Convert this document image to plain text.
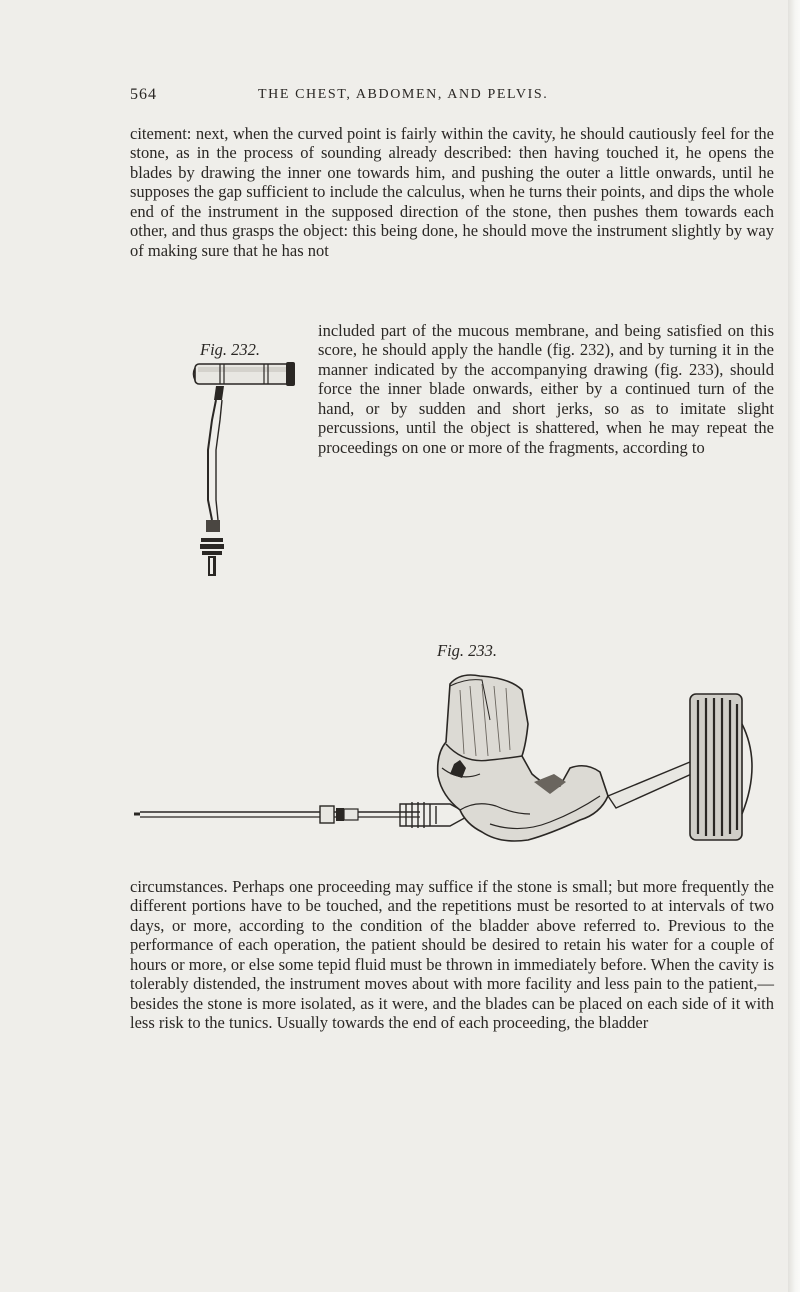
564	THE CHEST, ABDOMEN, AND PELVIS.

citement: next, when the curved point is fairly within the cavity, he should cautiously feel for the stone, as in the process of sounding already described: then having touched it, he opens the blades by drawing the inner one towards him, and pushing the outer a little onwards, until he supposes the gap sufficient to include the calculus, when he turns their points, and dips the whole end of the instrument in the supposed direction of the stone, then pushes them towards each other, and thus grasps the object: this being done, he should move the instrument slightly by way of making sure that he has not

Fig. 232.

included part of the mucous membrane, and being satisfied on this score, he should apply the handle (fig. 232), and by turning it in the manner indicated by the accompanying drawing (fig. 233), should force the inner blade onwards, either by a continued turn of the hand, or by sudden and short jerks, so as to imitate slight percussions, until the object is shattered, when he may repeat the proceedings on one or more of the fragments, according to

Fig. 233.

circumstances. Perhaps one proceeding may suffice if the stone is small; but more frequently the different portions have to be touched, and the repetitions must be resorted to at intervals of two days, or more, according to the condition of the bladder above referred to. Previous to the performance of each operation, the patient should be desired to retain his water for a couple of hours or more, or else some tepid fluid must be thrown in immediately before. When the cavity is tolerably distended, the instrument moves about with more facility and less pain to the patient,—besides the stone is more isolated, as it were, and the blades can be placed on each side of it with less risk to the tunics. Usually towards the end of each proceeding, the bladder
